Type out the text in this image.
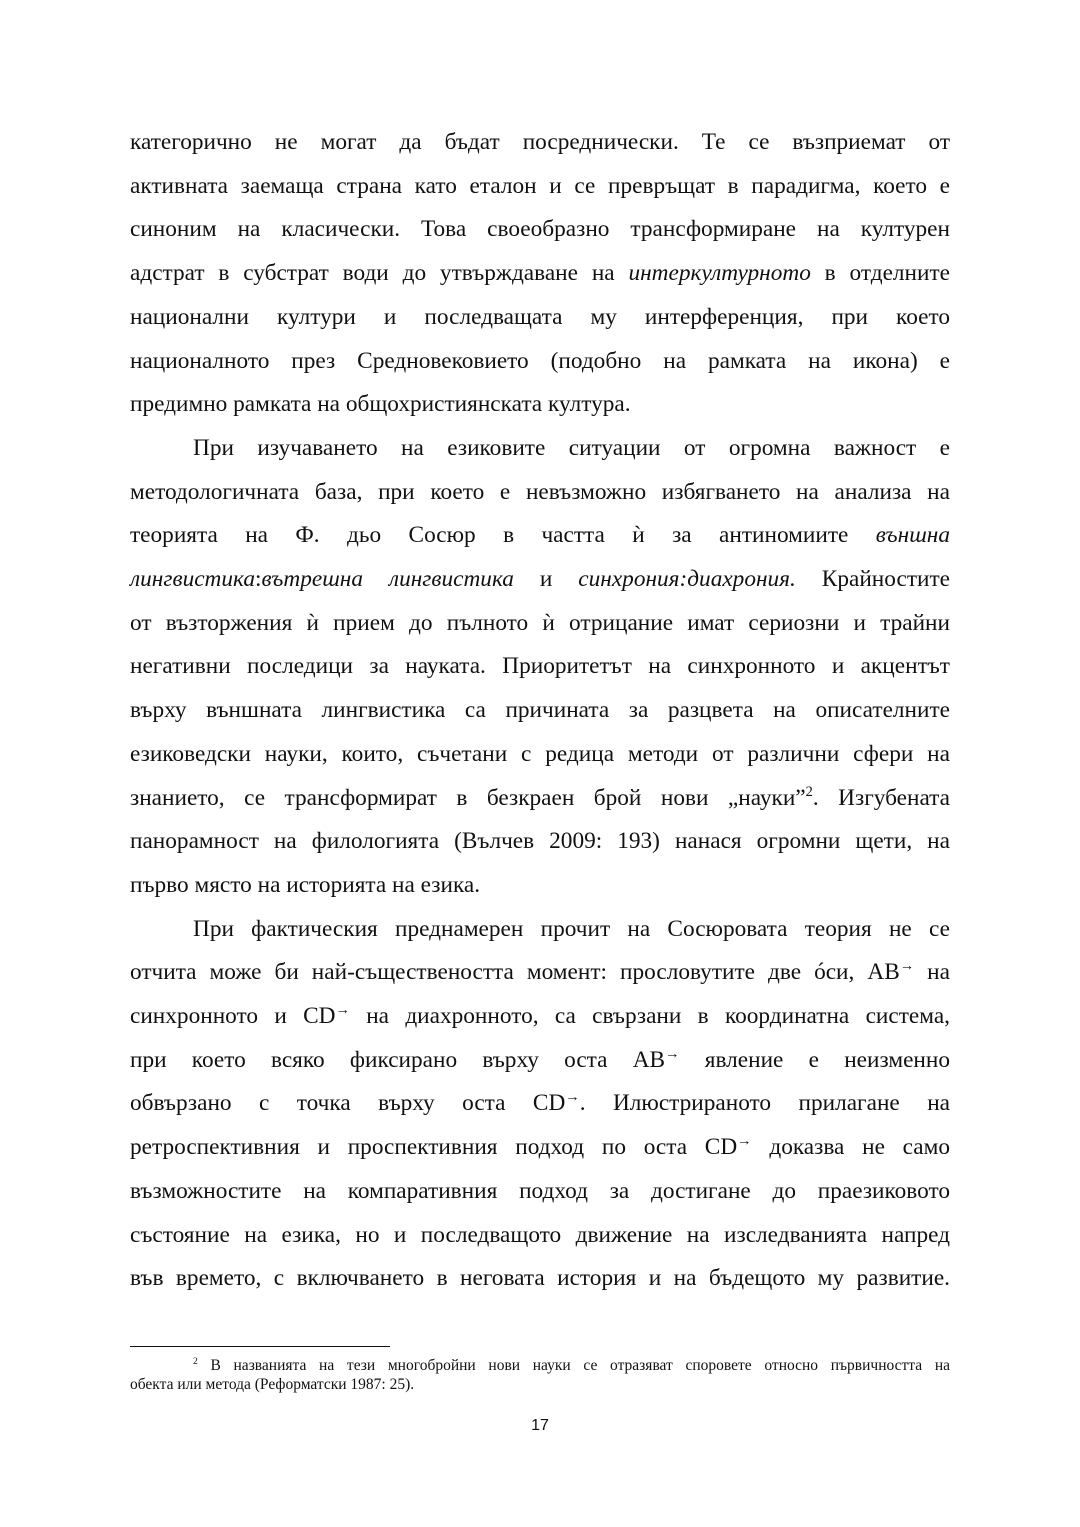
категорично не могат да бъдат посреднически. Те се възприемат от
активната заемаща страна като еталон и се превръщат в парадигма, което е
синоним на класически. Това своеобразно трансформиране на културен
адстрат в субстрат води до утвърждаване на интеркултурното в отделните
национални култури и последващата му интерференция, при което
националното през Средновековието (подобно на рамката на икона) е
предимно рамката на общохристиянската култура.

При изучаването на езиковите ситуации от огромна важност е
методологичната база, при което е невъзможно избягването на анализа на
теорията на Ф. дьо Сосюр в частта ѝ за антиномиите външна
лингвистика:вътрешна лингвистика и синхрония:диахрония. Крайностите
от възторжения ѝ прием до пълното ѝ отрицание имат сериозни и трайни
негативни последици за науката. Приоритетът на синхронното и акцентът
върху външната лингвистика са причината за разцвета на описателните
езиковедски науки, които, съчетани с редица методи от различни сфери на
знанието, се трансформират в безкраен брой нови „науки”$^2$. Изгубената
панорамност на филологията (Вълчев 2009: 193) нанася огромни щети, на
първо място на историята на езика.

При фактическия преднамерен прочит на Сосюровата теория не се
отчита може би най-съществеността момент: прословутите две óси, AB→ на
синхронното и CD→ на диахронното, са свързани в координатна система,
при което всяко фиксирано върху оста AB→ явление е неизменно
обвързано с точка върху оста CD→. Илюстрираното прилагане на
ретроспективния и проспективния подход по оста CD→ доказва не само
възможностите на компаративния подход за достигане до праезиковото
състояние на езика, но и последващото движение на изследванията напред
във времето, с включването в неговата история и на бъдещото му развитие.

$^2$ В названията на тези многобройни нови науки се отразяват споровете относно първичността на
обекта или метода (Реформатски 1987: 25).
17
